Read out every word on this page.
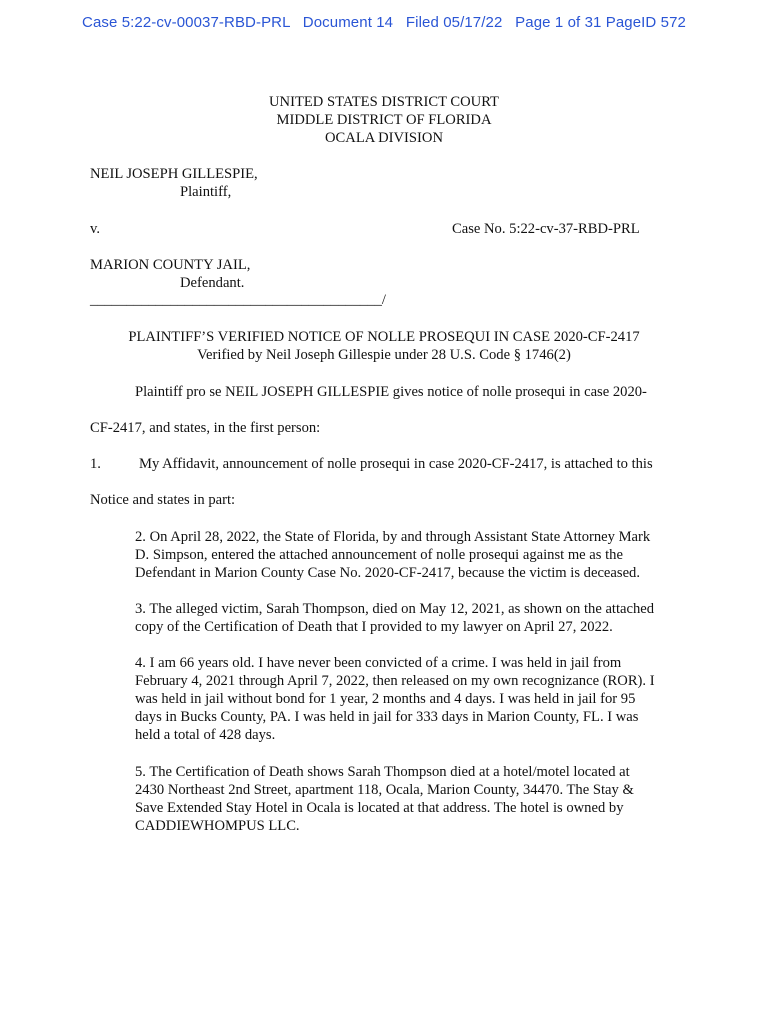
Case 5:22-cv-00037-RBD-PRL   Document 14   Filed 05/17/22   Page 1 of 31 PageID 572
UNITED STATES DISTRICT COURT
MIDDLE DISTRICT OF FLORIDA
OCALA DIVISION
NEIL JOSEPH GILLESPIE,
Plaintiff,
v.	Case No. 5:22-cv-37-RBD-PRL
MARION COUNTY JAIL,
Defendant.
________________________________________/
PLAINTIFF’S VERIFIED NOTICE OF NOLLE PROSEQUI IN CASE 2020-CF-2417
Verified by Neil Joseph Gillespie under 28 U.S. Code § 1746(2)
Plaintiff pro se NEIL JOSEPH GILLESPIE gives notice of nolle prosequi in case 2020-
CF-2417, and states, in the first person:
1.	My Affidavit, announcement of nolle prosequi in case 2020-CF-2417, is attached to this
Notice and states in part:
2. On April 28, 2022, the State of Florida, by and through Assistant State Attorney Mark
D. Simpson, entered the attached announcement of nolle prosequi against me as the
Defendant in Marion County Case No. 2020-CF-2417, because the victim is deceased.
3. The alleged victim, Sarah Thompson, died on May 12, 2021, as shown on the attached
copy of the Certification of Death that I provided to my lawyer on April 27, 2022.
4. I am 66 years old. I have never been convicted of a crime. I was held in jail from
February 4, 2021 through April 7, 2022, then released on my own recognizance (ROR). I
was held in jail without bond for 1 year, 2 months and 4 days. I was held in jail for 95
days in Bucks County, PA. I was held in jail for 333 days in Marion County, FL. I was
held a total of 428 days.
5. The Certification of Death shows Sarah Thompson died at a hotel/motel located at
2430 Northeast 2nd Street, apartment 118, Ocala, Marion County, 34470. The Stay &
Save Extended Stay Hotel in Ocala is located at that address. The hotel is owned by
CADDIEWHOMPUS LLC.
